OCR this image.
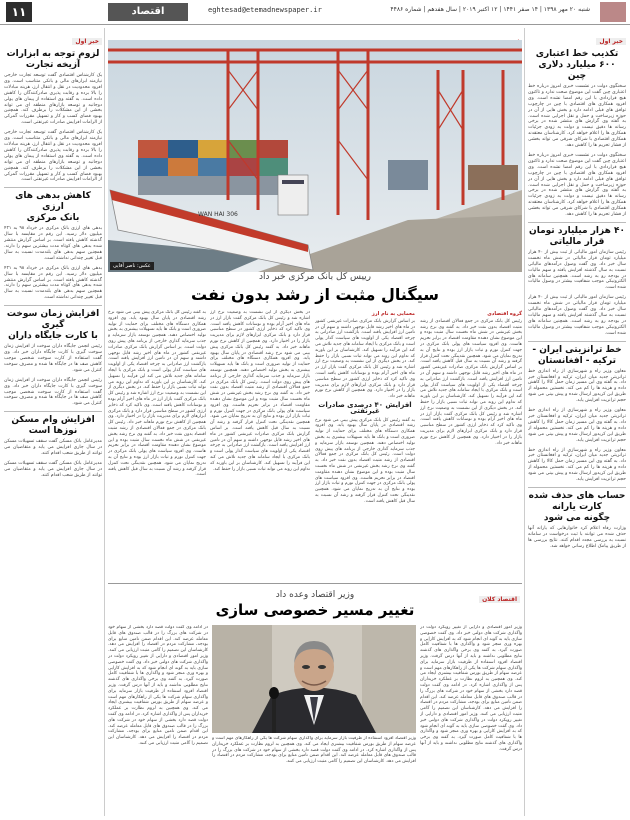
۱۱	اقتصاد	eghtesad@etemadnewspaper.ir	شنبه ۲۰ مهر ۱۳۹۸ | ۱۴ صفر ۱۴۴۱ | ۱۲ اکتبر ۲۰۱۹ | سال هفدهم | شماره ۴۴۸۶
خبر اول
تکذیب خط اعتباری
۶۰۰ میلیارد دلاری چین

سخنگوی دولت در نشست خبری امروز درباره خط اعتباری چین گفت این موضوع صحت ندارد و تاکنون هیچ قراردادی با این رقم امضا نشده است. وی افزود همکاری های اقتصادی با چین در چارچوب توافق های قبلی ادامه دارد و بخش هایی از آن در حوزه زیرساخت و حمل و نقل اجرایی شده است. به گفته وی گزارش های منتشر شده در برخی رسانه ها دقیق نیست و دولت به زودی جزئیات همکاری ها را اعلام خواهد کرد. کارشناسان معتقدند همکاری اقتصادی با شرکای شرقی می تواند بخشی از فشار تحریم ها را کاهش دهد.

سخنگوی دولت در نشست خبری امروز درباره خط اعتباری چین گفت این موضوع صحت ندارد و تاکنون هیچ قراردادی با این رقم امضا نشده است. وی افزود همکاری های اقتصادی با چین در چارچوب توافق های قبلی ادامه دارد و بخش هایی از آن در حوزه زیرساخت و حمل و نقل اجرایی شده است. به گفته وی گزارش های منتشر شده در برخی رسانه ها دقیق نیست و دولت به زودی جزئیات همکاری ها را اعلام خواهد کرد. کارشناسان معتقدند همکاری اقتصادی با شرکای شرقی می تواند بخشی از فشار تحریم ها را کاهش دهد.

۴۰ هزار میلیارد تومان قرار مالیاتی

رئیس سازمان امور مالیاتی از ثبت بیش از ۴۰ هزار میلیارد تومان قرار مالیاتی در شش ماه نخست سال خبر داد. وی گفت وصول درآمدهای مالیاتی نسبت به سال گذشته افزایش یافته و سهم مالیات در بودجه رو به رشد است. همچنین سامانه های الکترونیکی موجب شفافیت بیشتر در وصول مالیات شده است.

رئیس سازمان امور مالیاتی از ثبت بیش از ۴۰ هزار میلیارد تومان قرار مالیاتی در شش ماه نخست سال خبر داد. وی گفت وصول درآمدهای مالیاتی نسبت به سال گذشته افزایش یافته و سهم مالیات در بودجه رو به رشد است. همچنین سامانه های الکترونیکی موجب شفافیت بیشتر در وصول مالیات شده است.

خط ترانزیتی ایران - ترکیه - افغانستان

معاون وزیر راه و شهرسازی از راه اندازی خط ترانزیتی جدید میان ایران، ترکیه و افغانستان خبر داد. به گفته وی این مسیر زمان حمل کالا را کاهش داده و هزینه ها را کم می کند. نخستین محموله از طریق این کریدور ارسال شده و پیش بینی می شود حجم ترانزیت افزایش یابد.

معاون وزیر راه و شهرسازی از راه اندازی خط ترانزیتی جدید میان ایران، ترکیه و افغانستان خبر داد. به گفته وی این مسیر زمان حمل کالا را کاهش داده و هزینه ها را کم می کند. نخستین محموله از طریق این کریدور ارسال شده و پیش بینی می شود حجم ترانزیت افزایش یابد.

معاون وزیر راه و شهرسازی از راه اندازی خط ترانزیتی جدید میان ایران، ترکیه و افغانستان خبر داد. به گفته وی این مسیر زمان حمل کالا را کاهش داده و هزینه ها را کم می کند. نخستین محموله از طریق این کریدور ارسال شده و پیش بینی می شود حجم ترانزیت افزایش یابد.

حساب های حذف شده کارت یارانه
چگونه می شود

وزارت رفاه اعلام کرد خانوارهایی که یارانه آنها حذف شده می توانند با ثبت درخواست در سامانه نسبت به بررسی مجدد اقدام کنند. نتایج بررسی ها از طریق پیامک اطلاع رسانی خواهد شد.

خبر اول
لزوم توجه به ابزارات
آزیخه تجارت

یک کارشناس اقتصادی گفت توسعه تجارت خارجی نیازمند ابزارهای مالی و بانکی متناسب است. وی افزود محدودیت در نقل و انتقال ارز، هزینه مبادلات را بالا برده و رقابت پذیری صادرکنندگان را کاهش داده است. به گفته وی استفاده از پیمان های پولی دوجانبه و توسعه بازارهای منطقه ای می تواند بخشی از این مشکلات را برطرف کند. همچنین بهبود فضای کسب و کار و تسهیل مقررات گمرکی از الزامات افزایش صادرات غیرنفتی است.

یک کارشناس اقتصادی گفت توسعه تجارت خارجی نیازمند ابزارهای مالی و بانکی متناسب است. وی افزود محدودیت در نقل و انتقال ارز، هزینه مبادلات را بالا برده و رقابت پذیری صادرکنندگان را کاهش داده است. به گفته وی استفاده از پیمان های پولی دوجانبه و توسعه بازارهای منطقه ای می تواند بخشی از این مشکلات را برطرف کند. همچنین بهبود فضای کسب و کار و تسهیل مقررات گمرکی از الزامات افزایش صادرات غیرنفتی است.

کاهش بدهی های ارزی
بانک مرکزی

بدهی های ارزی بانک مرکزی در خرداد ۹۸ به ۴۲۱ میلیون دلار رسید. این رقم در مقایسه با سال گذشته کاهش یافته است. بر اساس گزارش منتشر شده بدهی های کوتاه مدت بیشترین سهم را دارند. همچنین سهم بدهی های بلندمدت نسبت به سال قبل تغییر چندانی نداشته است.

بدهی های ارزی بانک مرکزی در خرداد ۹۸ به ۴۲۱ میلیون دلار رسید. این رقم در مقایسه با سال گذشته کاهش یافته است. بر اساس گزارش منتشر شده بدهی های کوتاه مدت بیشترین سهم را دارند. همچنین سهم بدهی های بلندمدت نسبت به سال قبل تغییر چندانی نداشته است.

افزایش زمان سوخت گیری
با کارت جایگاه داران

رئیس انجمن جایگاه داران سوخت از افزایش زمان سوخت گیری با کارت جایگاه داران خبر داد. وی گفت استفاده از کارت سوخت شخصی موجب کاهش صف ها در جایگاه ها شده و مصرف سوخت کنترل می شود.

رئیس انجمن جایگاه داران سوخت از افزایش زمان سوخت گیری با کارت جایگاه داران خبر داد. وی گفت استفاده از کارت سوخت شخصی موجب کاهش صف ها در جایگاه ها شده و مصرف سوخت کنترل می شود.

افزایش وام مسکن
نوزها است

مدیرعامل بانک مسکن گفت سقف تسهیلات مسکن در سال جاری افزایش می یابد و متقاضیان می توانند از طریق شعب اقدام کنند.

مدیرعامل بانک مسکن گفت سقف تسهیلات مسکن در سال جاری افزایش می یابد و متقاضیان می توانند از طریق شعب اقدام کنند.

WAN HAI 306
عکس: ناصر آقایی
رییس کل بانک مرکزی خبر داد
سیگنال مثبت از رشد بدون نفت
گروه اقتصادی
رئیس کل بانک مرکزی در جمع فعالان اقتصادی از رشد مثبت اقتصاد بدون نفت خبر داد. به گفته وی نرخ رشد بخش غیرنفتی در شش ماه نخست سال مثبت بوده و این موضوع نشان دهنده مقاومت اقتصاد در برابر تحریم هاست. وی افزود سیاست های پولی بانک مرکزی در جهت کنترل تورم و ثبات بازار ارز بوده و نتایج آن به تدریج نمایان می شود. همچنین نقدینگی تحت کنترل قرار گرفته و رشد آن نسبت به سال قبل کاهش یافته است. بر اساس گزارش بانک مرکزی صادرات غیرنفتی کشور در ماه های اخیر رشد قابل توجهی داشته و سهم آن در تامین ارز افزایش یافته است. بازگشت ارز صادراتی به چرخه اقتصاد یکی از اولویت های سیاست گذار پولی است و بانک مرکزی با ایجاد سامانه های جدید تلاش می کند این فرآیند را تسهیل کند. کارشناسان بر این باورند که تداوم این روند می تواند ثبات نسبی بازار را حفظ کند. در بخش دیگری از این نشست به وضعیت نرخ ارز اشاره شد و رئیس کل بانک مرکزی گفت بازار ارز در ماه های اخیر آرام بوده و نوسانات کاهش یافته است. وی تاکید کرد که ذخایر ارزی کشور در سطح مناسبی قرار دارد و بانک مرکزی ابزارهای لازم برای مدیریت بازار را در اختیار دارد. وی همچنین از کاهش نرخ تورم ماهانه خبر داد.
معمایی به نام ارز
بر اساس گزارش بانک مرکزی صادرات غیرنفتی کشور در ماه های اخیر رشد قابل توجهی داشته و سهم آن در تامین ارز افزایش یافته است. بازگشت ارز صادراتی به چرخه اقتصاد یکی از اولویت های سیاست گذار پولی است و بانک مرکزی با ایجاد سامانه های جدید تلاش می کند این فرآیند را تسهیل کند. کارشناسان بر این باورند که تداوم این روند می تواند ثبات نسبی بازار را حفظ کند. در بخش دیگری از این نشست به وضعیت نرخ ارز اشاره شد و رئیس کل بانک مرکزی گفت بازار ارز در ماه های اخیر آرام بوده و نوسانات کاهش یافته است. وی تاکید کرد که ذخایر ارزی کشور در سطح مناسبی قرار دارد و بانک مرکزی ابزارهای لازم برای مدیریت بازار را در اختیار دارد. وی همچنین از کاهش نرخ تورم ماهانه خبر داد.
افزایش ۴۰ درصدی صادرات غیرنفتی
به گفته رئیس کل بانک مرکزی پیش بینی می شود نرخ رشد اقتصادی در پایان سال بهبود یابد. وی افزود همکاری دستگاه های مختلف برای حمایت از تولید ضروری است و بانک ها باید تسهیلات بیشتری به بخش تولید اختصاص دهند. همچنین توسعه بازار سرمایه و جذب سرمایه گذاری خارجی از برنامه های پیش روی دولت است. رئیس کل بانک مرکزی در جمع فعالان اقتصادی از رشد مثبت اقتصاد بدون نفت خبر داد. به گفته وی نرخ رشد بخش غیرنفتی در شش ماه نخست سال مثبت بوده و این موضوع نشان دهنده مقاومت اقتصاد در برابر تحریم هاست. وی افزود سیاست های پولی بانک مرکزی در جهت کنترل تورم و ثبات بازار ارز بوده و نتایج آن به تدریج نمایان می شود. همچنین نقدینگی تحت کنترل قرار گرفته و رشد آن نسبت به سال قبل کاهش یافته است.
در بخش دیگری از این نشست به وضعیت نرخ ارز اشاره شد و رئیس کل بانک مرکزی گفت بازار ارز در ماه های اخیر آرام بوده و نوسانات کاهش یافته است. وی تاکید کرد که ذخایر ارزی کشور در سطح مناسبی قرار دارد و بانک مرکزی ابزارهای لازم برای مدیریت بازار را در اختیار دارد. وی همچنین از کاهش نرخ تورم ماهانه خبر داد. به گفته رئیس کل بانک مرکزی پیش بینی می شود نرخ رشد اقتصادی در پایان سال بهبود یابد. وی افزود همکاری دستگاه های مختلف برای حمایت از تولید ضروری است و بانک ها باید تسهیلات بیشتری به بخش تولید اختصاص دهند. همچنین توسعه بازار سرمایه و جذب سرمایه گذاری خارجی از برنامه های پیش روی دولت است. رئیس کل بانک مرکزی در جمع فعالان اقتصادی از رشد مثبت اقتصاد بدون نفت خبر داد. به گفته وی نرخ رشد بخش غیرنفتی در شش ماه نخست سال مثبت بوده و این موضوع نشان دهنده مقاومت اقتصاد در برابر تحریم هاست. وی افزود سیاست های پولی بانک مرکزی در جهت کنترل تورم و ثبات بازار ارز بوده و نتایج آن به تدریج نمایان می شود. همچنین نقدینگی تحت کنترل قرار گرفته و رشد آن نسبت به سال قبل کاهش یافته است. بر اساس گزارش بانک مرکزی صادرات غیرنفتی کشور در ماه های اخیر رشد قابل توجهی داشته و سهم آن در تامین ارز افزایش یافته است. بازگشت ارز صادراتی به چرخه اقتصاد یکی از اولویت های سیاست گذار پولی است و بانک مرکزی با ایجاد سامانه های جدید تلاش می کند این فرآیند را تسهیل کند. کارشناسان بر این باورند که تداوم این روند می تواند ثبات نسبی بازار را حفظ کند.
به گفته رئیس کل بانک مرکزی پیش بینی می شود نرخ رشد اقتصادی در پایان سال بهبود یابد. وی افزود همکاری دستگاه های مختلف برای حمایت از تولید ضروری است و بانک ها باید تسهیلات بیشتری به بخش تولید اختصاص دهند. همچنین توسعه بازار سرمایه و جذب سرمایه گذاری خارجی از برنامه های پیش روی دولت است. بر اساس گزارش بانک مرکزی صادرات غیرنفتی کشور در ماه های اخیر رشد قابل توجهی داشته و سهم آن در تامین ارز افزایش یافته است. بازگشت ارز صادراتی به چرخه اقتصاد یکی از اولویت های سیاست گذار پولی است و بانک مرکزی با ایجاد سامانه های جدید تلاش می کند این فرآیند را تسهیل کند. کارشناسان بر این باورند که تداوم این روند می تواند ثبات نسبی بازار را حفظ کند. در بخش دیگری از این نشست به وضعیت نرخ ارز اشاره شد و رئیس کل بانک مرکزی گفت بازار ارز در ماه های اخیر آرام بوده و نوسانات کاهش یافته است. وی تاکید کرد که ذخایر ارزی کشور در سطح مناسبی قرار دارد و بانک مرکزی ابزارهای لازم برای مدیریت بازار را در اختیار دارد. وی همچنین از کاهش نرخ تورم ماهانه خبر داد. رئیس کل بانک مرکزی در جمع فعالان اقتصادی از رشد مثبت اقتصاد بدون نفت خبر داد. به گفته وی نرخ رشد بخش غیرنفتی در شش ماه نخست سال مثبت بوده و این موضوع نشان دهنده مقاومت اقتصاد در برابر تحریم هاست. وی افزود سیاست های پولی بانک مرکزی در جهت کنترل تورم و ثبات بازار ارز بوده و نتایج آن به تدریج نمایان می شود. همچنین نقدینگی تحت کنترل قرار گرفته و رشد آن نسبت به سال قبل کاهش یافته است.
اقتصاد کلان
وزیر اقتصاد وعده داد
تغییر مسیر خصوصی سازی
وزیر امور اقتصادی و دارایی از تغییر رویکرد دولت در واگذاری شرکت های دولتی خبر داد. وی گفت خصوصی سازی باید به گونه ای انجام شود که به افزایش کارایی و بهره وری منجر شود و واگذاری ها با شفافیت کامل صورت گیرد. به گفته وی برخی واگذاری های گذشته نتایج مطلوبی نداشته و باید از آنها درس گرفت. وزیر اقتصاد افزود استفاده از ظرفیت بازار سرمایه برای واگذاری سهام شرکت ها یکی از راهکارهای مهم است و عرضه سهام از طریق بورس شفافیت بیشتری ایجاد می کند. وی همچنین به لزوم نظارت بر عملکرد خریداران پس از واگذاری اشاره کرد. در ادامه وی گفت دولت قصد دارد بخشی از سهام خود در شرکت های بزرگ را در قالب صندوق های قابل معامله عرضه کند. این اقدام ضمن تامین منابع برای بودجه، مشارکت مردم در اقتصاد را افزایش می دهد. کارشناسان این تصمیم را گامی مثبت ارزیابی می کنند. وزیر امور اقتصادی و دارایی از تغییر رویکرد دولت در واگذاری شرکت های دولتی خبر داد. وی گفت خصوصی سازی باید به گونه ای انجام شود که به افزایش کارایی و بهره وری منجر شود و واگذاری ها با شفافیت کامل صورت گیرد. به گفته وی برخی واگذاری های گذشته نتایج مطلوبی نداشته و باید از آنها درس گرفت.
وزیر اقتصاد افزود استفاده از ظرفیت بازار سرمایه برای واگذاری سهام شرکت ها یکی از راهکارهای مهم است و عرضه سهام از طریق بورس شفافیت بیشتری ایجاد می کند. وی همچنین به لزوم نظارت بر عملکرد خریداران پس از واگذاری اشاره کرد. در ادامه وی گفت دولت قصد دارد بخشی از سهام خود در شرکت های بزرگ را در قالب صندوق های قابل معامله عرضه کند. این اقدام ضمن تامین منابع برای بودجه، مشارکت مردم در اقتصاد را افزایش می دهد. کارشناسان این تصمیم را گامی مثبت ارزیابی می کنند.
در ادامه وی گفت دولت قصد دارد بخشی از سهام خود در شرکت های بزرگ را در قالب صندوق های قابل معامله عرضه کند. این اقدام ضمن تامین منابع برای بودجه، مشارکت مردم در اقتصاد را افزایش می دهد. کارشناسان این تصمیم را گامی مثبت ارزیابی می کنند. وزیر امور اقتصادی و دارایی از تغییر رویکرد دولت در واگذاری شرکت های دولتی خبر داد. وی گفت خصوصی سازی باید به گونه ای انجام شود که به افزایش کارایی و بهره وری منجر شود و واگذاری ها با شفافیت کامل صورت گیرد. به گفته وی برخی واگذاری های گذشته نتایج مطلوبی نداشته و باید از آنها درس گرفت. وزیر اقتصاد افزود استفاده از ظرفیت بازار سرمایه برای واگذاری سهام شرکت ها یکی از راهکارهای مهم است و عرضه سهام از طریق بورس شفافیت بیشتری ایجاد می کند. وی همچنین به لزوم نظارت بر عملکرد خریداران پس از واگذاری اشاره کرد. در ادامه وی گفت دولت قصد دارد بخشی از سهام خود در شرکت های بزرگ را در قالب صندوق های قابل معامله عرضه کند. این اقدام ضمن تامین منابع برای بودجه، مشارکت مردم در اقتصاد را افزایش می دهد. کارشناسان این تصمیم را گامی مثبت ارزیابی می کنند.
